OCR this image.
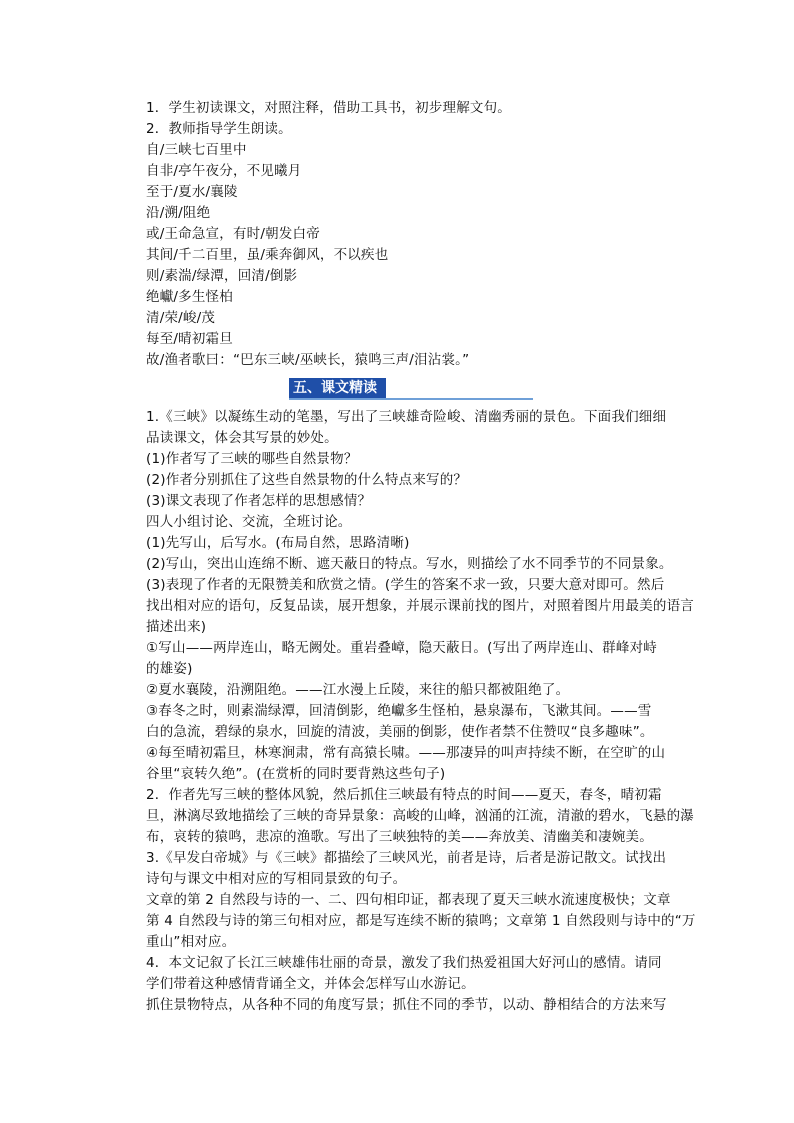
1．学生初读课文，对照注释，借助工具书，初步理解文句。
2．教师指导学生朗读。
自/三峡七百里中
自非/亭午夜分，不见曦月
至于/夏水/襄陵
沿/溯/阻绝
或/王命急宣，有时/朝发白帝
其间/千二百里，虽/乘奔御风，不以疾也
则/素湍/绿潭，回清/倒影
绝巘/多生怪柏
清/荣/峻/茂
每至/晴初霜旦
故/渔者歌曰：“巴东三峡/巫峡长，猿鸣三声/泪沾裳。”
五、课文精读
1.《三峡》以凝练生动的笔墨，写出了三峡雄奇险峻、清幽秀丽的景色。下面我们细细
品读课文，体会其写景的妙处。
(1)作者写了三峡的哪些自然景物？
(2)作者分别抓住了这些自然景物的什么特点来写的？
(3)课文表现了作者怎样的思想感情？
四人小组讨论、交流，全班讨论。
(1)先写山，后写水。(布局自然，思路清晰)
(2)写山，突出山连绵不断、遮天蔽日的特点。写水，则描绘了水不同季节的不同景象。
(3)表现了作者的无限赞美和欣赏之情。(学生的答案不求一致，只要大意对即可。然后
找出相对应的语句，反复品读，展开想象，并展示课前找的图片，对照着图片用最美的语言
描述出来)
①写山——两岸连山，略无阙处。重岩叠嶂，隐天蔽日。(写出了两岸连山、群峰对峙
的雄姿)
②夏水襄陵，沿溯阻绝。——江水漫上丘陵，来往的船只都被阻绝了。
③春冬之时，则素湍绿潭，回清倒影，绝巘多生怪柏，悬泉瀑布，飞漱其间。——雪
白的急流，碧绿的泉水，回旋的清波，美丽的倒影，使作者禁不住赞叹“良多趣味”。
④每至晴初霜旦，林寒涧肃，常有高猿长啸。——那凄异的叫声持续不断，在空旷的山
谷里“哀转久绝”。(在赏析的同时要背熟这些句子)
2．作者先写三峡的整体风貌，然后抓住三峡最有特点的时间——夏天，春冬，晴初霜
旦，淋漓尽致地描绘了三峡的奇异景象：高峻的山峰，汹涌的江流，清澈的碧水，飞悬的瀑
布，哀转的猿鸣，悲凉的渔歌。写出了三峡独特的美——奔放美、清幽美和凄婉美。
3.《早发白帝城》与《三峡》都描绘了三峡风光，前者是诗，后者是游记散文。试找出
诗句与课文中相对应的写相同景致的句子。
文章的第 2 自然段与诗的一、二、四句相印证，都表现了夏天三峡水流速度极快；文章
第 4 自然段与诗的第三句相对应，都是写连续不断的猿鸣；文章第 1 自然段则与诗中的“万
重山”相对应。
4．本文记叙了长江三峡雄伟壮丽的奇景，激发了我们热爱祖国大好河山的感情。请同
学们带着这种感情背诵全文，并体会怎样写山水游记。
抓住景物特点，从各种不同的角度写景；抓住不同的季节，以动、静相结合的方法来写
